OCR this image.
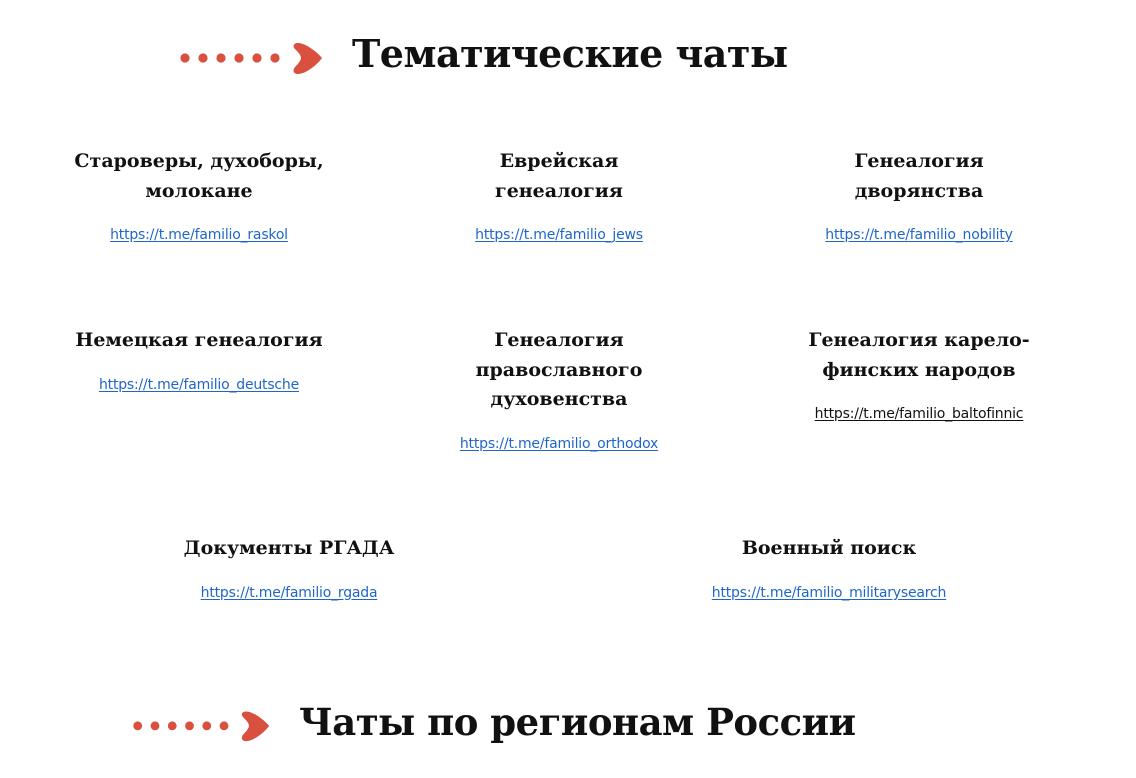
Тематические чаты
Староверы, духоборы, молокане
https://t.me/familio_raskol
Еврейская генеалогия
https://t.me/familio_jews
Генеалогия дворянства
https://t.me/familio_nobility
Немецкая генеалогия
https://t.me/familio_deutsche
Генеалогия православного духовенства
https://t.me/familio_orthodox
Генеалогия карело-финских народов
https://t.me/familio_baltofinnic
Документы РГАДА
https://t.me/familio_rgada
Военный поиск
https://t.me/familio_militarysearch
Чаты по регионам России
